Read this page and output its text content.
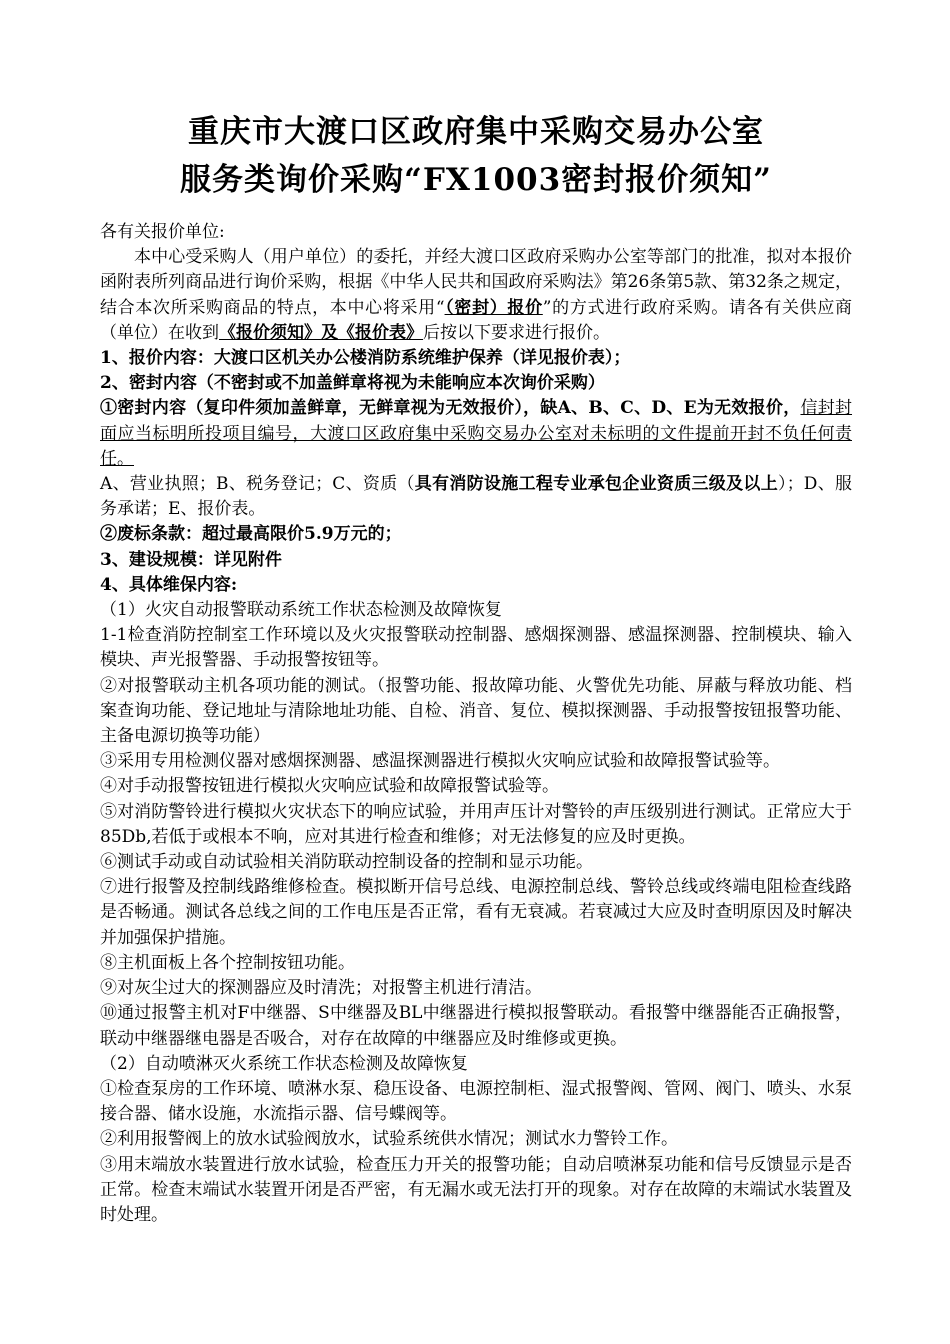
重庆市大渡口区政府集中采购交易办公室
服务类询价采购“FX1003密封报价须知”

各有关报价单位:

本中心受采购人（用户单位）的委托，并经大渡口区政府采购办公室等部门的批准，拟对本报价函附表所列商品进行询价采购，根据《中华人民共和国政府采购法》第26条第5款、第32条之规定，结合本次所采购商品的特点，本中心将采用“（密封）报价”的方式进行政府采购。请各有关供应商（单位）在收到《报价须知》及《报价表》后按以下要求进行报价。

1、报价内容：大渡口区机关办公楼消防系统维护保养（详见报价表）；

2、密封内容（不密封或不加盖鲜章将视为未能响应本次询价采购）

①密封内容（复印件须加盖鲜章，无鲜章视为无效报价），缺A、B、C、D、E为无效报价，信封封面应当标明所投项目编号，大渡口区政府集中采购交易办公室对未标明的文件提前开封不负任何责任。

A、营业执照；B、税务登记；C、资质（具有消防设施工程专业承包企业资质三级及以上）；D、服务承诺；E、报价表。

②废标条款：超过最高限价5.9万元的；

3、建设规模：详见附件

4、具体维保内容:

（1）火灾自动报警联动系统工作状态检测及故障恢复

1-1检查消防控制室工作环境以及火灾报警联动控制器、感烟探测器、感温探测器、控制模块、输入模块、声光报警器、手动报警按钮等。

②对报警联动主机各项功能的测试。（报警功能、报故障功能、火警优先功能、屏蔽与释放功能、档案查询功能、登记地址与清除地址功能、自检、消音、复位、模拟探测器、手动报警按钮报警功能、主备电源切换等功能）

③采用专用检测仪器对感烟探测器、感温探测器进行模拟火灾响应试验和故障报警试验等。

④对手动报警按钮进行模拟火灾响应试验和故障报警试验等。

⑤对消防警铃进行模拟火灾状态下的响应试验，并用声压计对警铃的声压级别进行测试。正常应大于85Db,若低于或根本不响，应对其进行检查和维修；对无法修复的应及时更换。

⑥测试手动或自动试验相关消防联动控制设备的控制和显示功能。

⑦进行报警及控制线路维修检查。模拟断开信号总线、电源控制总线、警铃总线或终端电阻检查线路是否畅通。测试各总线之间的工作电压是否正常，看有无衰减。若衰减过大应及时查明原因及时解决并加强保护措施。

⑧主机面板上各个控制按钮功能。

⑨对灰尘过大的探测器应及时清洗；对报警主机进行清洁。

⑩通过报警主机对F中继器、S中继器及BL中继器进行模拟报警联动。看报警中继器能否正确报警，联动中继器继电器是否吸合，对存在故障的中继器应及时维修或更换。

（2）自动喷淋灭火系统工作状态检测及故障恢复

①检查泵房的工作环境、喷淋水泵、稳压设备、电源控制柜、湿式报警阀、管网、阀门、喷头、水泵接合器、储水设施，水流指示器、信号蝶阀等。

②利用报警阀上的放水试验阀放水，试验系统供水情况；测试水力警铃工作。

③用末端放水装置进行放水试验，检查压力开关的报警功能；自动启喷淋泵功能和信号反馈显示是否正常。检查末端试水装置开闭是否严密，有无漏水或无法打开的现象。对存在故障的末端试水装置及时处理。
